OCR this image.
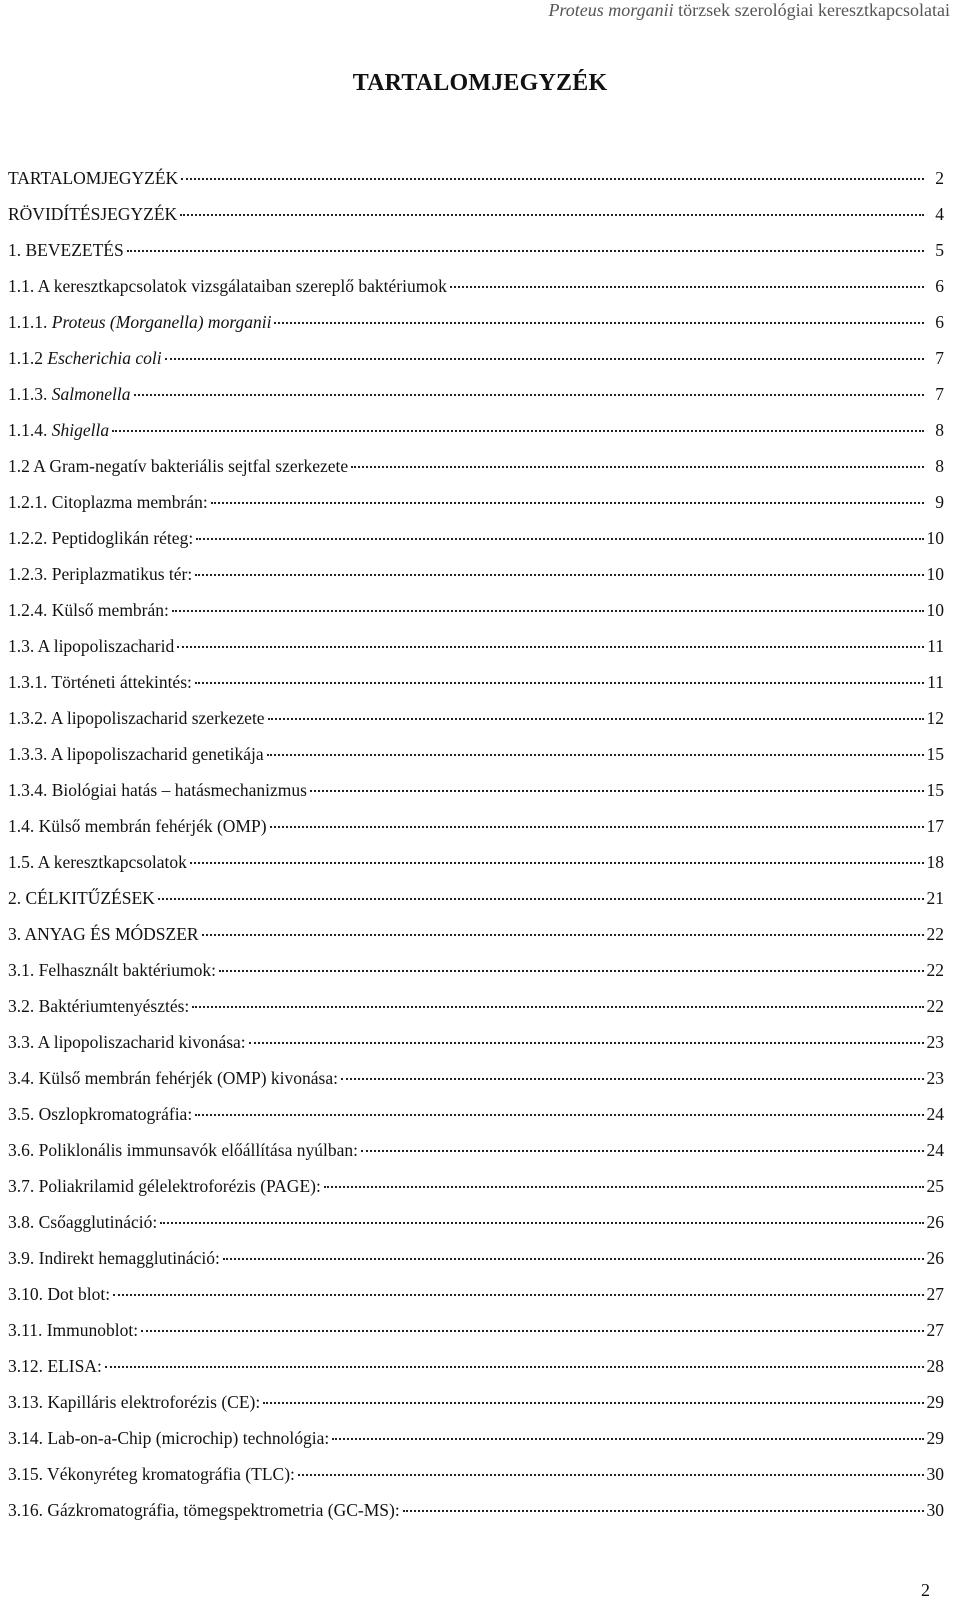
Proteus morganii törzsek szerológiai keresztkapcsolatai
TARTALOMJEGYZÉK
TARTALOMJEGYZÉK	2
RÖVIDÍTÉSJEGYZÉK	4
1. BEVEZETÉS	5
1.1. A keresztkapcsolatok vizsgálataiban szereplő baktériumok	6
1.1.1. Proteus (Morganella) morganii	6
1.1.2 Escherichia coli	7
1.1.3. Salmonella	7
1.1.4. Shigella	8
1.2 A Gram-negatív bakteriális sejtfal szerkezete	8
1.2.1. Citoplazma membrán:	9
1.2.2. Peptidoglikán réteg:	10
1.2.3. Periplazmatikus tér:	10
1.2.4. Külső membrán:	10
1.3. A lipopoliszacharid	11
1.3.1. Történeti áttekintés:	11
1.3.2. A lipopoliszacharid szerkezete	12
1.3.3. A lipopoliszacharid genetikája	15
1.3.4. Biológiai hatás – hatásmechanizmus	15
1.4. Külső membrán fehérjék (OMP)	17
1.5. A keresztkapcsolatok	18
2. CÉLKITŰZÉSEK	21
3. ANYAG ÉS MÓDSZER	22
3.1. Felhasznált baktériumok:	22
3.2. Baktériumtenyésztés:	22
3.3. A lipopoliszacharid kivonása:	23
3.4. Külső membrán fehérjék (OMP) kivonása:	23
3.5. Oszlopkromatográfia:	24
3.6. Poliklonális immunsavók előállítása nyúlban:	24
3.7. Poliakrilamid gélelektroforézis (PAGE):	25
3.8. Csőagglutináció:	26
3.9. Indirekt hemagglutináció:	26
3.10. Dot blot:	27
3.11. Immunoblot:	27
3.12. ELISA:	28
3.13. Kapilláris elektroforézis (CE):	29
3.14. Lab-on-a-Chip (microchip) technológia:	29
3.15. Vékonyréteg kromatográfia (TLC):	30
3.16. Gázkromatográfia, tömegspektrometria (GC-MS):	30
2
